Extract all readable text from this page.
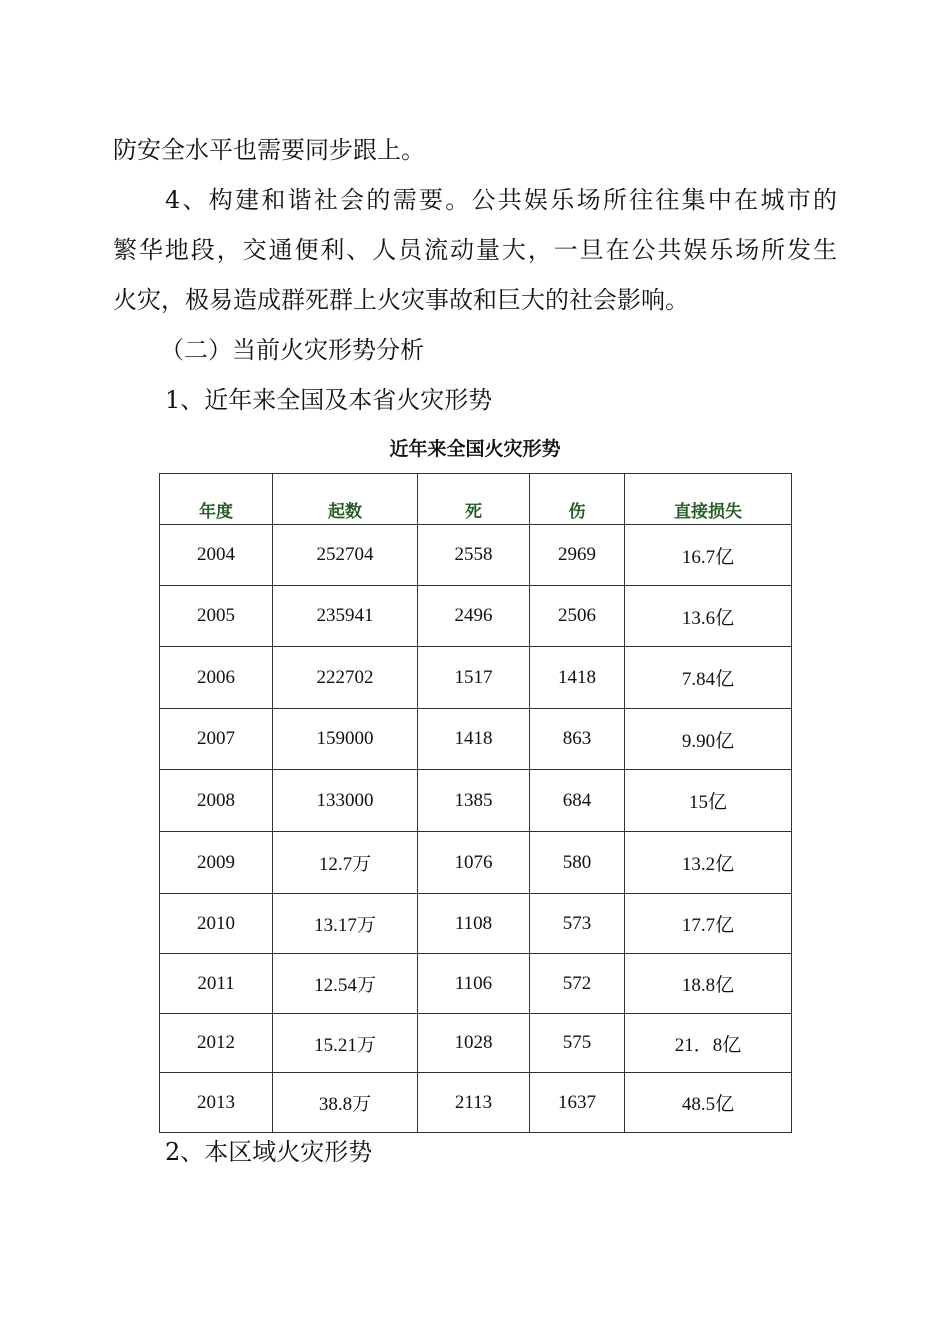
防安全水平也需要同步跟上。
4、构建和谐社会的需要。公共娱乐场所往往集中在城市的
繁华地段，交通便利、人员流动量大，一旦在公共娱乐场所发生
火灾，极易造成群死群上火灾事故和巨大的社会影响。
（二）当前火灾形势分析
1、近年来全国及本省火灾形势
近年来全国火灾形势
年度	起数	死	伤	直接损失
2004	252704	2558	2969	16.7亿
2005	235941	2496	2506	13.6亿
2006	222702	1517	1418	7.84亿
2007	159000	1418	863	9.90亿
2008	133000	1385	684	15亿
2009	12.7万	1076	580	13.2亿
2010	13.17万	1108	573	17.7亿
2011	12.54万	1106	572	18.8亿
2012	15.21万	1028	575	21．8亿
2013	38.8万	2113	1637	48.5亿
2、本区域火灾形势
